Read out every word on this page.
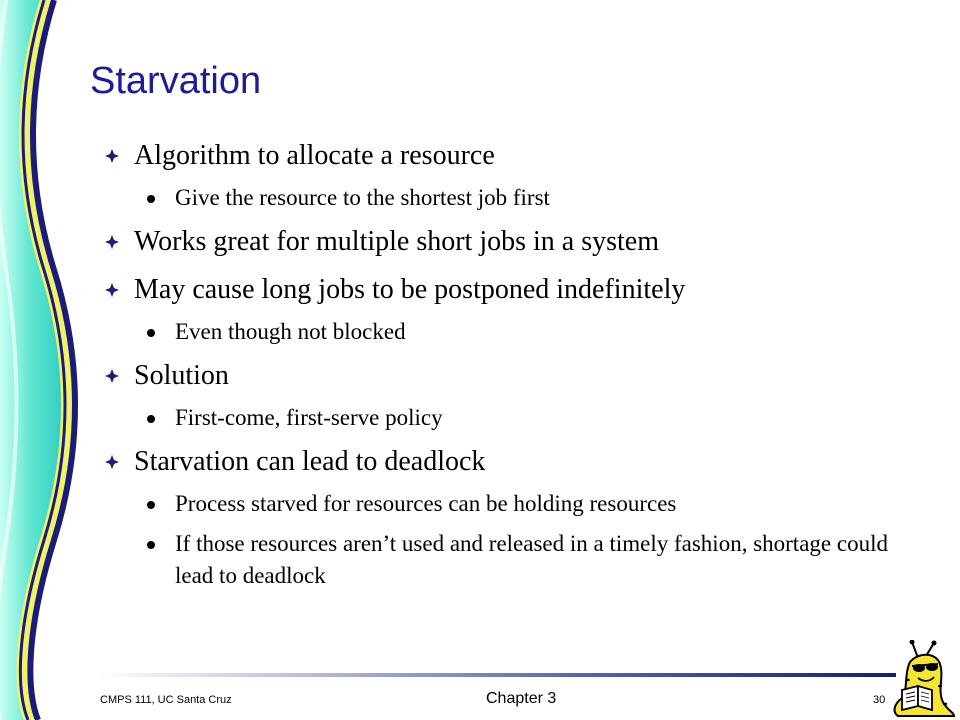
Starvation
Algorithm to allocate a resource
Give the resource to the shortest job first
Works great for multiple short jobs in a system
May cause long jobs to be postponed indefinitely
Even though not blocked
Solution
First-come, first-serve policy
Starvation can lead to deadlock
Process starved for resources can be holding resources
If those resources aren’t used and released in a timely fashion, shortage could lead to deadlock
CMPS 111, UC Santa Cruz	Chapter 3	30
